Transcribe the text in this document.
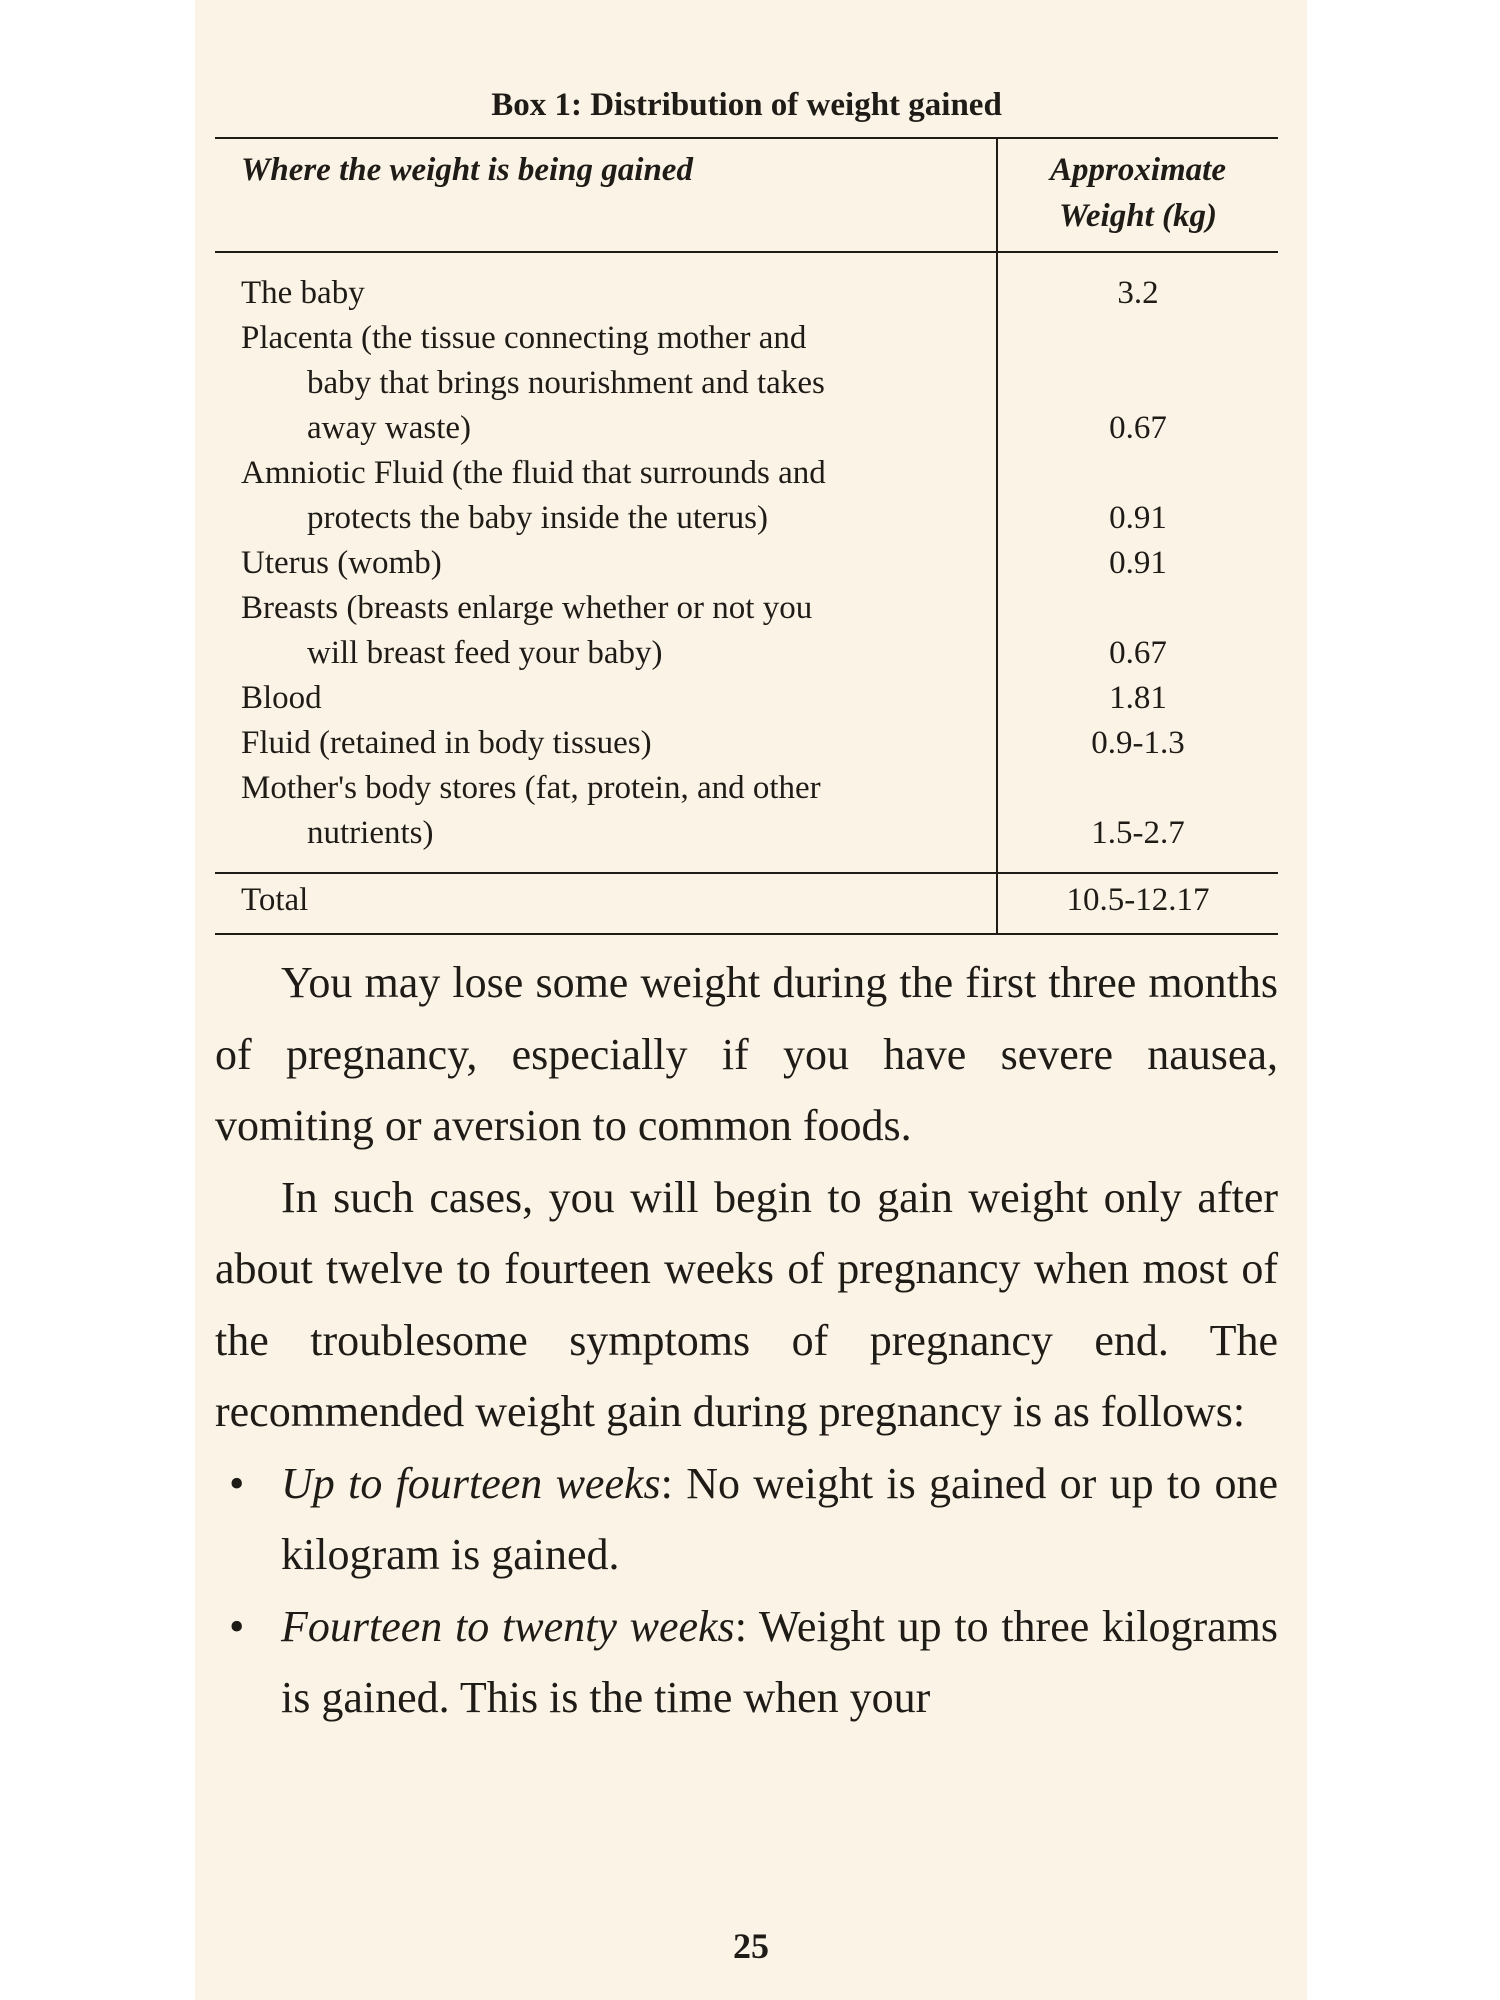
Box 1: Distribution of weight gained
Where the weight is being gained	Approximate
Weight (kg)

The baby	3.2

Placenta (the tissue connecting mother and
baby that brings nourishment and takes
away waste)	0.67

Amniotic Fluid (the fluid that surrounds and
protects the baby inside the uterus)	0.91

Uterus (womb)	0.91

Breasts (breasts enlarge whether or not you
will breast feed your baby)	0.67

Blood	1.81

Fluid (retained in body tissues)	0.9-1.3

Mother's body stores (fat, protein, and other
nutrients)	1.5-2.7
Total	10.5-12.17

You may lose some weight during the first three months of pregnancy, especially if you have severe nausea, vomiting or aversion to common foods.

In such cases, you will begin to gain weight only after about twelve to fourteen weeks of pregnancy when most of the troublesome symptoms of pregnancy end. The recommended weight gain during pregnancy is as follows:

• Up to fourteen weeks: No weight is gained or up to one kilogram is gained.
• Fourteen to twenty weeks: Weight up to three kilograms is gained. This is the time when your
25
